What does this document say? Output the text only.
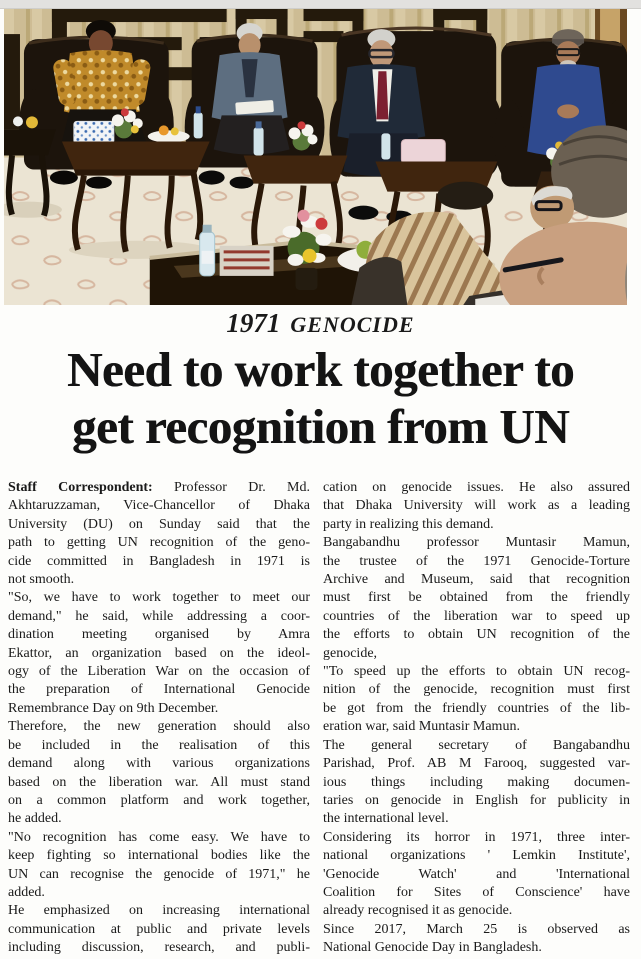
1971 GENOCIDE
Need to work together to
get recognition from UN
Staff Correspondent: Professor Dr. Md.
Akhtaruzzaman, Vice-Chancellor of Dhaka
University (DU) on Sunday said that the
path to getting UN recognition of the geno-
cide committed in Bangladesh in 1971 is
not smooth.
"So, we have to work together to meet our
demand," he said, while addressing a coor-
dination meeting organised by Amra
Ekattor, an organization based on the ideol-
ogy of the Liberation War on the occasion of
the preparation of International Genocide
Remembrance Day on 9th December.
Therefore, the new generation should also
be included in the realisation of this
demand along with various organizations
based on the liberation war. All must stand
on a common platform and work together,
he added.
"No recognition has come easy. We have to
keep fighting so international bodies like the
UN can recognise the genocide of 1971," he
added.
He emphasized on increasing international
communication at public and private levels
including discussion, research, and publi-
cation on genocide issues. He also assured
that Dhaka University will work as a leading
party in realizing this demand.
Bangabandhu professor Muntasir Mamun,
the trustee of the 1971 Genocide-Torture
Archive and Museum, said that recognition
must first be obtained from the friendly
countries of the liberation war to speed up
the efforts to obtain UN recognition of the
genocide,
"To speed up the efforts to obtain UN recog-
nition of the genocide, recognition must first
be got from the friendly countries of the lib-
eration war, said Muntasir Mamun.
The general secretary of Bangabandhu
Parishad, Prof. AB M Farooq, suggested var-
ious things including making documen-
taries on genocide in English for publicity in
the international level.
Considering its horror in 1971, three inter-
national organizations ' Lemkin Institute',
'Genocide Watch' and 'International
Coalition for Sites of Conscience' have
already recognised it as genocide.
Since 2017, March 25 is observed as
National Genocide Day in Bangladesh.
